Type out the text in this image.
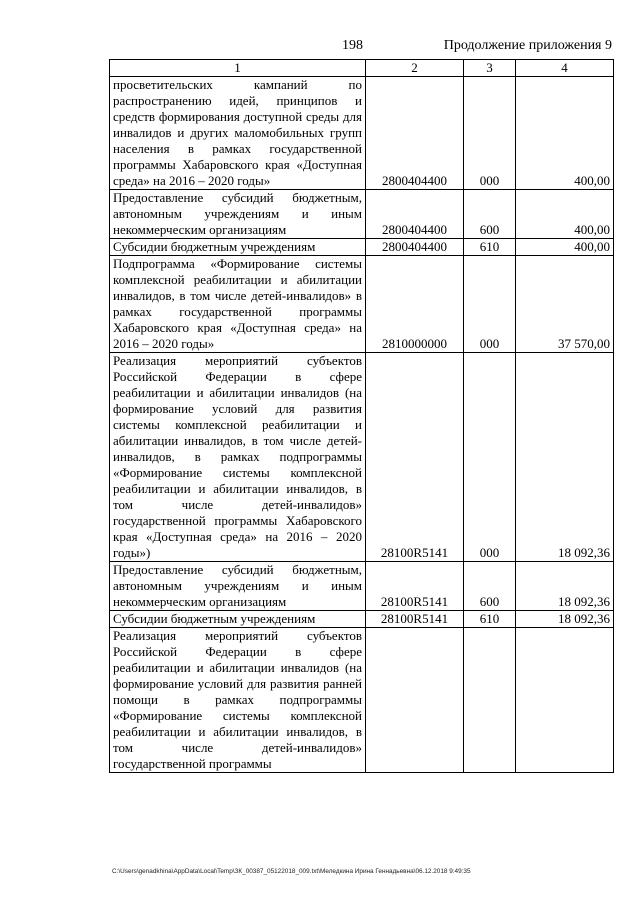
198	Продолжение приложения 9
1	2	3	4
просветительских кампаний по распространению идей, принципов и средств формирования доступной среды для инвалидов и других маломобильных групп населения в рамках государственной программы Хабаровского края «Доступная среда» на 2016 – 2020 годы»	2800404400	000	400,00
Предоставление субсидий бюджетным, автономным учреждениям и иным некоммерческим организациям	2800404400	600	400,00
Субсидии бюджетным учреждениям	2800404400	610	400,00
Подпрограмма «Формирование системы комплексной реабилитации и абилитации инвалидов, в том числе детей-инвалидов» в рамках государственной программы Хабаровского края «Доступная среда» на 2016 – 2020 годы»	2810000000	000	37 570,00
Реализация мероприятий субъектов Российской Федерации в сфере реабилитации и абилитации инвалидов (на формирование условий для развития системы комплексной реабилитации и абилитации инвалидов, в том числе детей-инвалидов, в рамках подпрограммы «Формирование системы комплексной реабилитации и абилитации инвалидов, в том числе детей-инвалидов» государственной программы Хабаровского края «Доступная среда» на 2016 – 2020 годы»)	28100R5141	000	18 092,36
Предоставление субсидий бюджетным, автономным учреждениям и иным некоммерческим организациям	28100R5141	600	18 092,36
Субсидии бюджетным учреждениям	28100R5141	610	18 092,36
Реализация мероприятий субъектов Российской Федерации в сфере реабилитации и абилитации инвалидов (на формирование условий для развития ранней помощи в рамках подпрограммы «Формирование системы комплексной реабилитации и абилитации инвалидов, в том числе детей-инвалидов» государственной программы			
C:\Users\genadkhina\AppData\Local\Temp\ЗК_00387_05122018_009.txt\Меледкина Ирина Геннадьевна\06.12.2018 9:49:35
